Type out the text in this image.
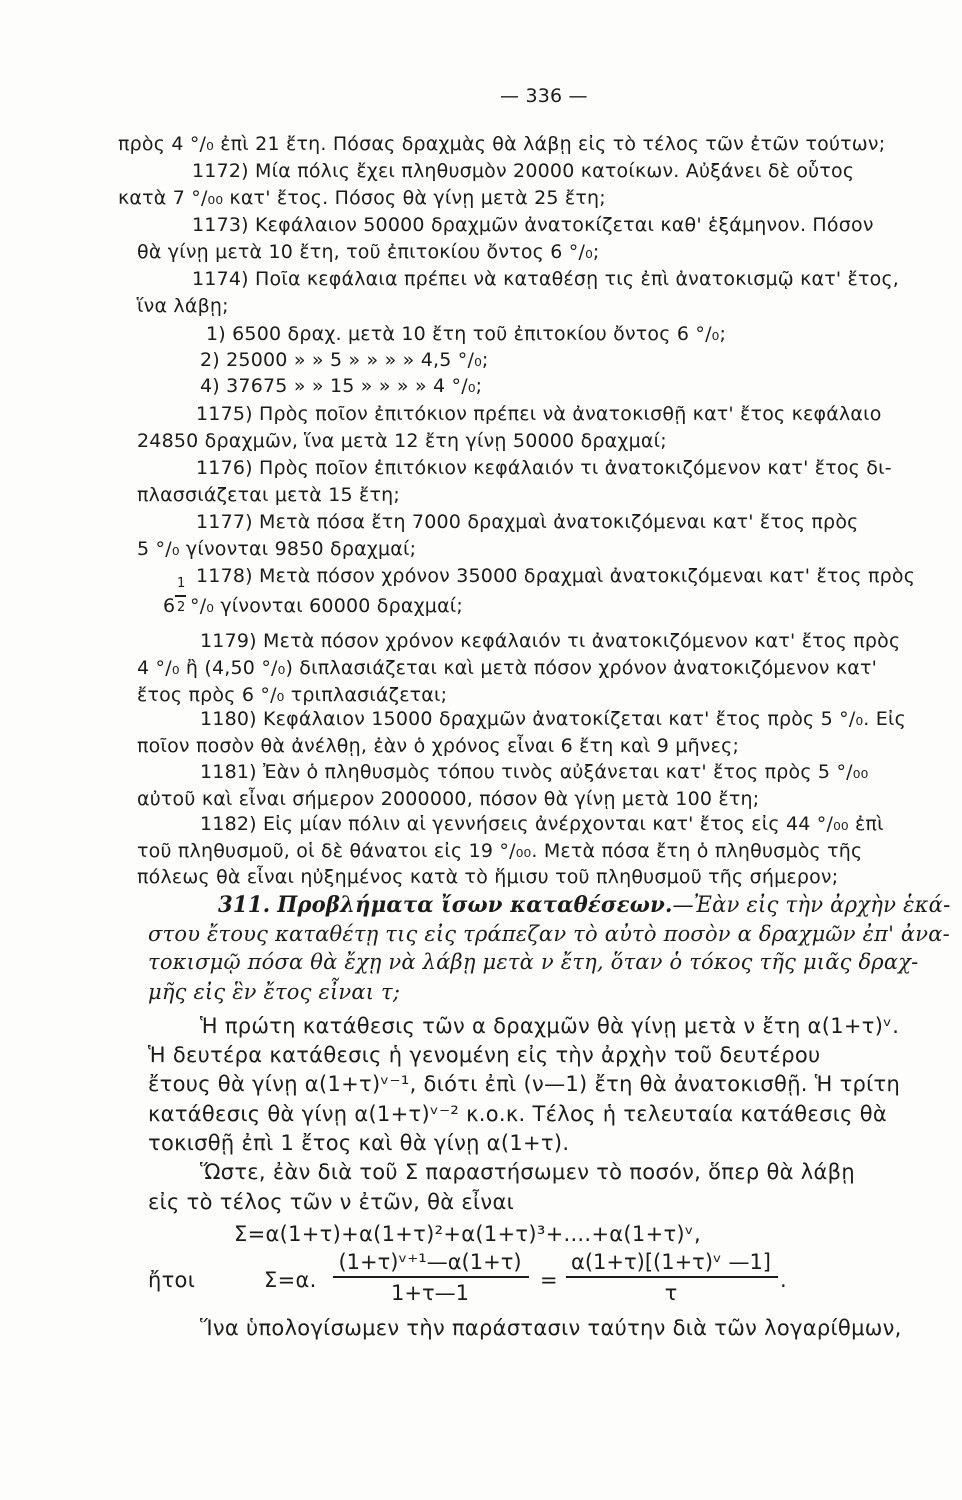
— 336 —
πρὸς 4 °/₀ ἐπὶ 21 ἔτη. Πόσας δραχμὰς θὰ λάβῃ εἰς τὸ τέλος τῶν ἐτῶν τούτων;
1172) Μία πόλις ἔχει πληθυσμὸν 20000 κατοίκων. Αὐξάνει δὲ οὗτος
κατὰ 7 °/₀₀ κατ' ἔτος. Πόσος θὰ γίνῃ μετὰ 25 ἔτη;
1173) Κεφάλαιον 50000 δραχμῶν ἀνατοκίζεται καθ' ἑξάμηνον. Πόσον
θὰ γίνῃ μετὰ 10 ἔτη, τοῦ ἐπιτοκίου ὄντος 6 °/₀;
1174) Ποῖα κεφάλαια πρέπει νὰ καταθέσῃ τις ἐπὶ ἀνατοκισμῷ κατ' ἔτος,
ἵνα λάβῃ;
1) 6500 δραχ. μετὰ 10 ἔτη τοῦ ἐπιτοκίου ὄντος 6 °/₀;
2) 25000 » » 5 » » » » 4,5 °/₀;
4) 37675 » » 15 » » » » 4 °/₀;
1175) Πρὸς ποῖον ἐπιτόκιον πρέπει νὰ ἀνατοκισθῇ κατ' ἔτος κεφάλαιο
24850 δραχμῶν, ἵνα μετὰ 12 ἔτη γίνῃ 50000 δραχμαί;
1176) Πρὸς ποῖον ἐπιτόκιον κεφάλαιόν τι ἀνατοκιζόμενον κατ' ἔτος δι-
πλασσιάζεται μετὰ 15 ἔτη;
1177) Μετὰ πόσα ἔτη 7000 δραχμαὶ ἀνατοκιζόμεναι κατ' ἔτος πρὸς
5 °/₀ γίνονται 9850 δραχμαί;
1178) Μετὰ πόσον χρόνον 35000 δραχμαὶ ἀνατοκιζόμεναι κατ' ἔτος πρὸς
6
1
2 °/₀ γίνονται 60000 δραχμαί;
1179) Μετὰ πόσον χρόνον κεφάλαιόν τι ἀνατοκιζόμενον κατ' ἔτος πρὸς
4 °/₀ ἢ (4,50 °/₀) διπλασιάζεται καὶ μετὰ πόσον χρόνον ἀνατοκιζόμενον κατ'
ἔτος πρὸς 6 °/₀ τριπλασιάζεται;
1180) Κεφάλαιον 15000 δραχμῶν ἀνατοκίζεται κατ' ἔτος πρὸς 5 °/₀. Εἰς
ποῖον ποσὸν θὰ ἀνέλθῃ, ἐὰν ὁ χρόνος εἶναι 6 ἔτη καὶ 9 μῆνες;
1181) Ἐὰν ὁ πληθυσμὸς τόπου τινὸς αὐξάνεται κατ' ἔτος πρὸς 5 °/₀₀
αὐτοῦ καὶ εἶναι σήμερον 2000000, πόσον θὰ γίνῃ μετὰ 100 ἔτη;
1182) Εἰς μίαν πόλιν αἱ γεννήσεις ἀνέρχονται κατ' ἔτος εἰς 44 °/₀₀ ἐπὶ
τοῦ πληθυσμοῦ, οἱ δὲ θάνατοι εἰς 19 °/₀₀. Μετὰ πόσα ἔτη ὁ πληθυσμὸς τῆς
πόλεως θὰ εἶναι ηὐξημένος κατὰ τὸ ἥμισυ τοῦ πληθυσμοῦ τῆς σήμερον;
311. Προβλήματα ἴσων καταθέσεων.—Ἐὰν εἰς τὴν ἀρχὴν ἑκά-
στου ἔτους καταθέτῃ τις εἰς τράπεζαν τὸ αὐτὸ ποσὸν α δραχμῶν ἐπ' ἀνα-
τοκισμῷ πόσα θὰ ἔχῃ νὰ λάβῃ μετὰ ν ἔτη, ὅταν ὁ τόκος τῆς μιᾶς δραχ-
μῆς εἰς ἓν ἔτος εἶναι τ;
Ἡ πρώτη κατάθεσις τῶν α δραχμῶν θὰ γίνῃ μετὰ ν ἔτη α(1+τ)ᵛ.
Ἡ δευτέρα κατάθεσις ἡ γενομένη εἰς τὴν ἀρχὴν τοῦ δευτέρου
ἔτους θὰ γίνῃ α(1+τ)ᵛ⁻¹, διότι ἐπὶ (ν—1) ἔτη θὰ ἀνατοκισθῇ. Ἡ τρίτη
κατάθεσις θὰ γίνῃ α(1+τ)ᵛ⁻² κ.ο.κ. Τέλος ἡ τελευταία κατάθεσις θὰ
τοκισθῇ ἐπὶ 1 ἔτος καὶ θὰ γίνῃ α(1+τ).
Ὥστε, ἐὰν διὰ τοῦ Σ παραστήσωμεν τὸ ποσόν, ὅπερ θὰ λάβῃ
εἰς τὸ τέλος τῶν ν ἐτῶν, θὰ εἶναι
Σ=α(1+τ)+α(1+τ)²+α(1+τ)³+....+α(1+τ)ᵛ,
ἤτοι	Σ=α.
(1+τ)ᵛ⁺¹—α(1+τ)
1+τ—1
=
α(1+τ)[(1+τ)ᵛ —1]
τ
.
Ἵνα ὑπολογίσωμεν τὴν παράστασιν ταύτην διὰ τῶν λογαρίθμων,
